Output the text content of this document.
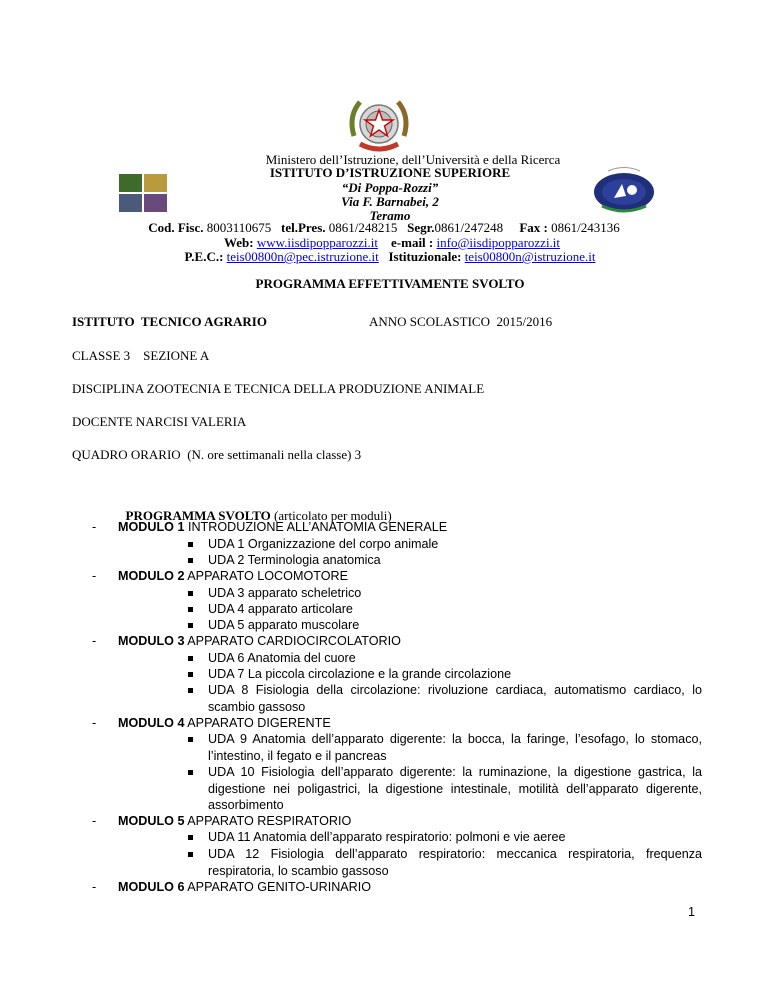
Ministero dell’Istruzione, dell’Università e della Ricerca
ISTITUTO D’ISTRUZIONE SUPERIORE
“Di Poppa-Rozzi”
Via F. Barnabei, 2
Teramo
Cod. Fisc. 8003110675 tel.Pres. 0861/248215 Segr.0861/247248 Fax : 0861/243136
Web: www.iisdipopparozzi.it e-mail : info@iisdipopparozzi.it
P.E.C.: teis00800n@pec.istruzione.it Istituzionale: teis00800n@istruzione.it
PROGRAMMA EFFETTIVAMENTE SVOLTO
ISTITUTO  TECNICO AGRARIO	ANNO SCOLASTICO  2015/2016
CLASSE 3    SEZIONE A
DISCIPLINA ZOOTECNIA E TECNICA DELLA PRODUZIONE ANIMALE
DOCENTE NARCISI VALERIA
QUADRO ORARIO  (N. ore settimanali nella classe) 3

PROGRAMMA SVOLTO (articolato per moduli)

- MODULO 1 INTRODUZIONE ALL’ANATOMIA GENERALE
UDA 1 Organizzazione del corpo animale
UDA 2 Terminologia anatomica
- MODULO 2 APPARATO LOCOMOTORE
UDA 3 apparato scheletrico
UDA 4 apparato articolare
UDA 5 apparato muscolare
- MODULO 3 APPARATO CARDIOCIRCOLATORIO
UDA 6 Anatomia del cuore
UDA 7 La piccola circolazione e la grande circolazione
UDA 8 Fisiologia della circolazione: rivoluzione cardiaca, automatismo cardiaco, lo scambio gassoso
- MODULO 4 APPARATO DIGERENTE
UDA 9 Anatomia dell’apparato digerente: la bocca, la faringe, l’esofago, lo stomaco, l’intestino, il fegato e il pancreas
UDA 10 Fisiologia dell’apparato digerente: la ruminazione, la digestione gastrica, la digestione nei poligastrici, la digestione intestinale, motilità dell’apparato digerente, assorbimento
- MODULO 5 APPARATO RESPIRATORIO
UDA 11 Anatomia dell’apparato respiratorio: polmoni e vie aeree
UDA 12 Fisiologia dell’apparato respiratorio: meccanica respiratoria, frequenza respiratoria, lo scambio gassoso
- MODULO 6 APPARATO GENITO-URINARIO
1
